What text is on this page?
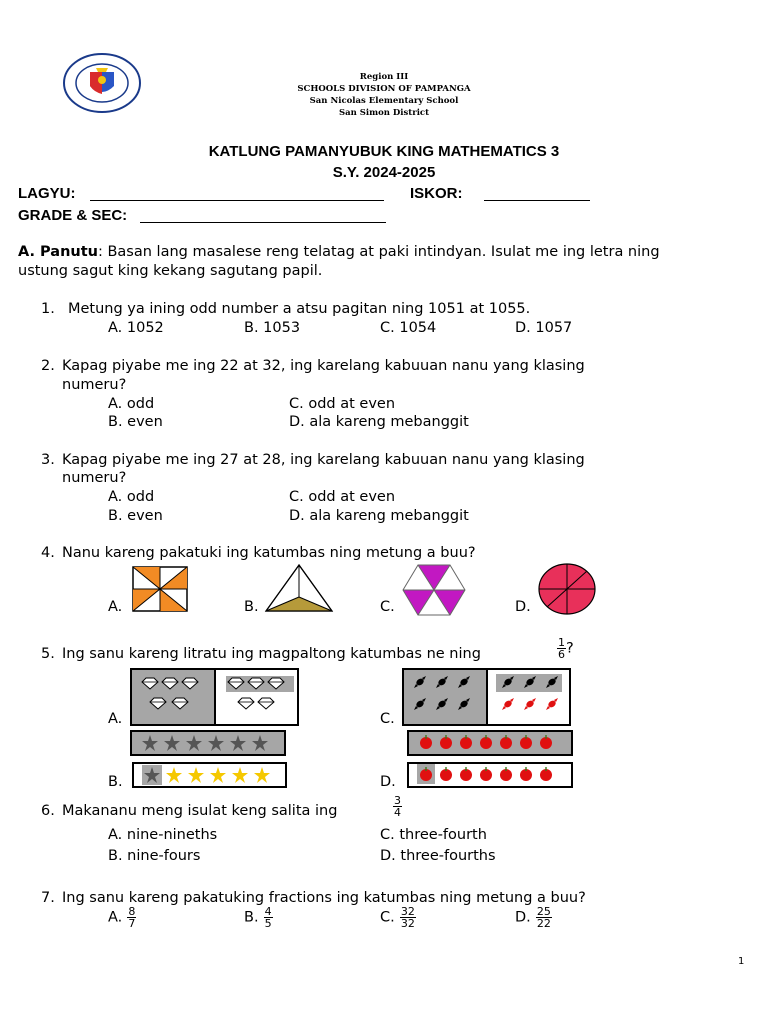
Region III
SCHOOLS DIVISION OF PAMPANGA
San Nicolas Elementary School
San Simon District
KATLUNG PAMANYUBUK KING MATHEMATICS 3
S.Y. 2024-2025
LAGYU:	ISKOR:
GRADE & SEC:
A. Panutu: Basan lang masalese reng telatag at paki intindyan. Isulat me ing letra ning
ustung sagut king kekang sagutang papil.
1. Metung ya ining odd number a atsu pagitan ning 1051 at 1055.
A. 1052	B. 1053	C. 1054	D. 1057
2. Kapag piyabe me ing 22 at 32, ing karelang kabuuan nanu yang klasing
numeru?
A. odd	C. odd at even
B. even	D. ala kareng mebanggit
3. Kapag piyabe me ing 27 at 28, ing karelang kabuuan nanu yang klasing
numeru?
A. odd	C. odd at even
B. even	D. ala kareng mebanggit
4. Nanu kareng pakatuki ing katumbas ning metung a buu?
A.	B.	C.	D.
5. Ing sanu kareng litratu ing magpaltong katumbas ne ning	$\frac{1}{6}$ ?
A.	C.
B.	D.
6. Makananu meng isulat keng salita ing	$\frac{3}{4}$
A. nine-nineths	C. three-fourth
B. nine-fours	D. three-fourths
7. Ing sanu kareng pakatuking fractions ing katumbas ning metung a buu?
A. $\frac{8}{7}$	B. $\frac{4}{5}$	C. $\frac{32}{32}$	D. $\frac{25}{22}$
1
